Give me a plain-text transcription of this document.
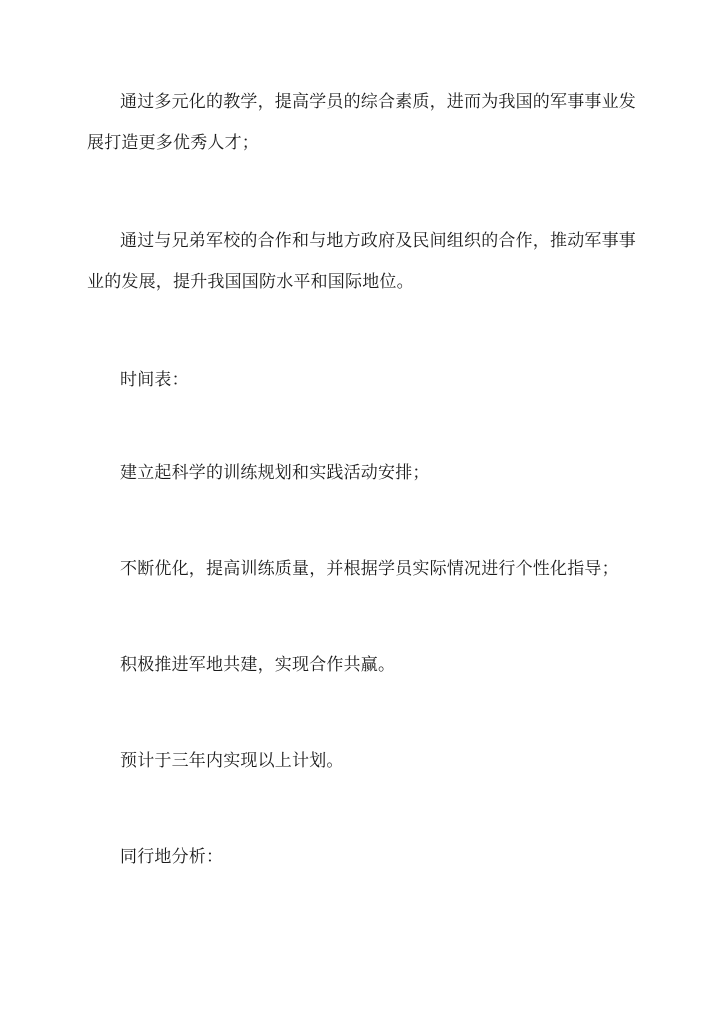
通过多元化的教学，提高学员的综合素质，进而为我国的军事事业发
展打造更多优秀人才；
通过与兄弟军校的合作和与地方政府及民间组织的合作，推动军事事
业的发展，提升我国国防水平和国际地位。
时间表：
建立起科学的训练规划和实践活动安排；
不断优化，提高训练质量，并根据学员实际情况进行个性化指导；
积极推进军地共建，实现合作共赢。
预计于三年内实现以上计划。
同行地分析：
